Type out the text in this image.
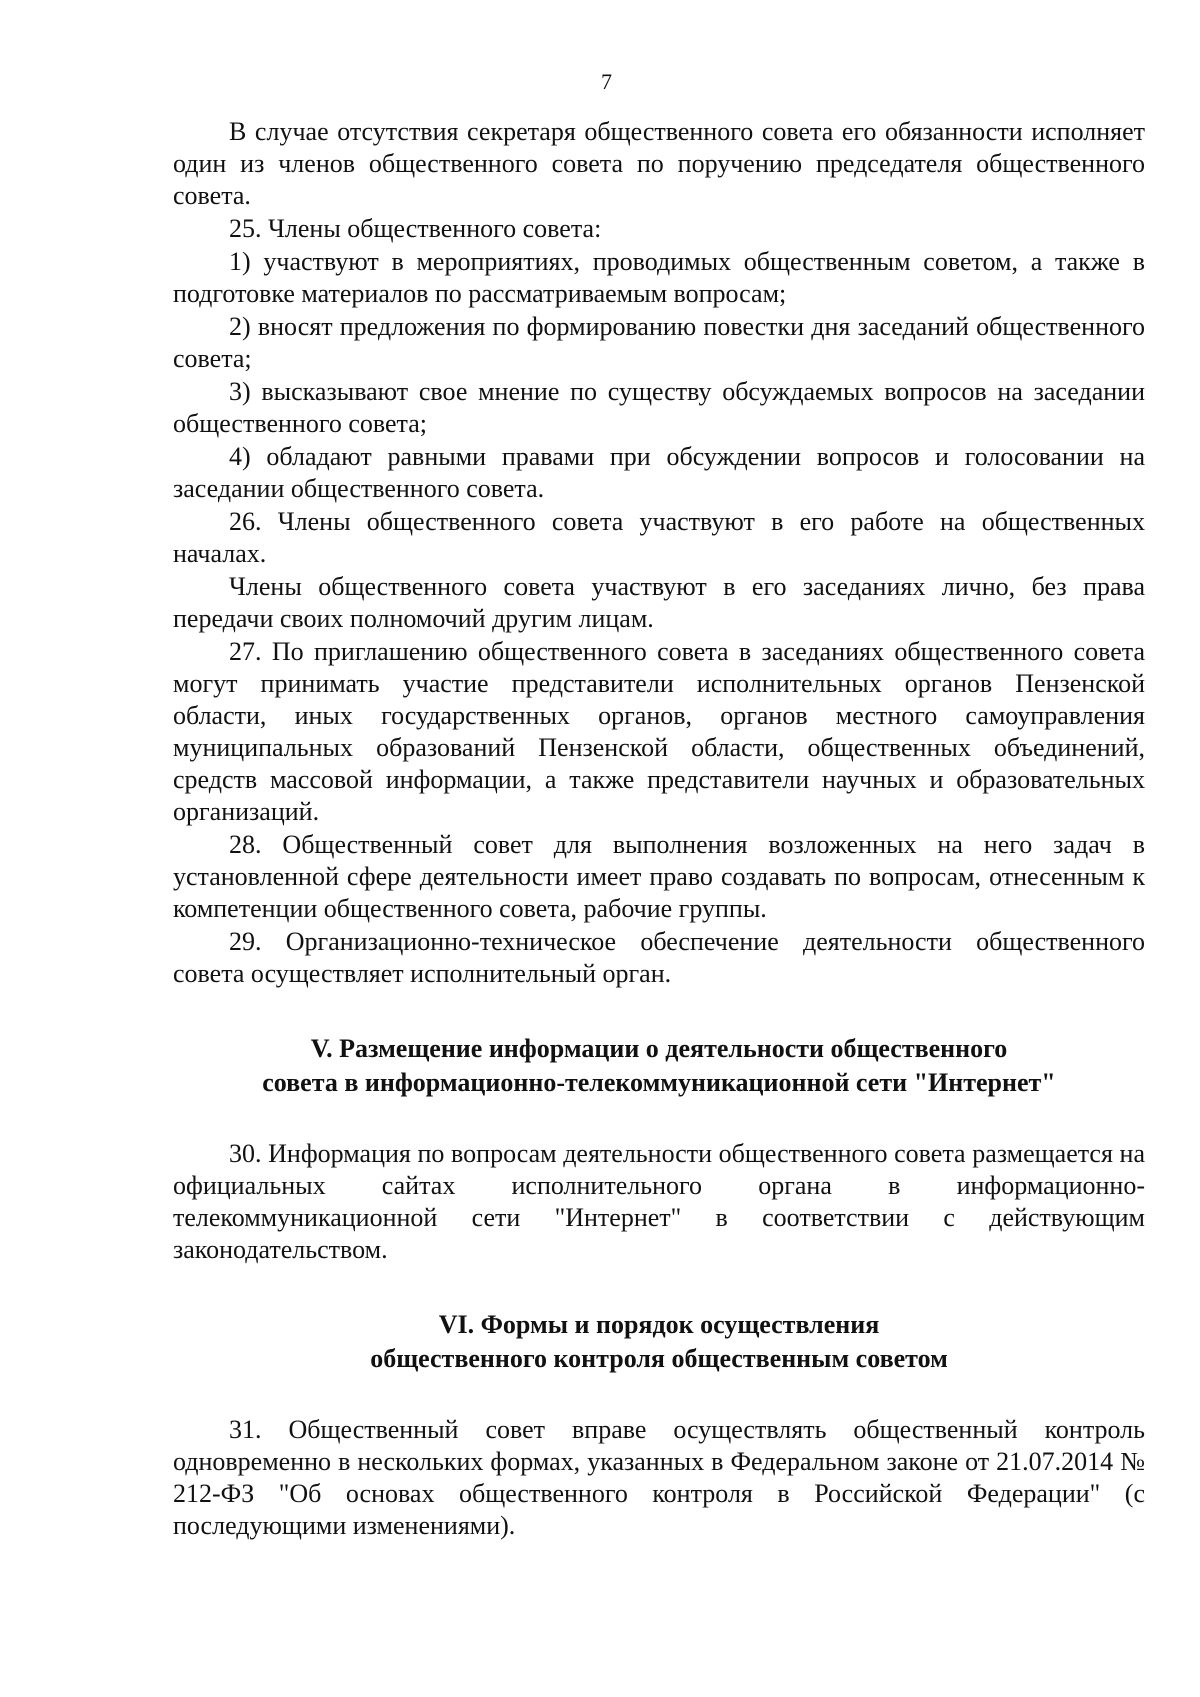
7

В случае отсутствия секретаря общественного совета его обязанности исполняет один из членов общественного совета по поручению председателя общественного совета.

25. Члены общественного совета:

1) участвуют в мероприятиях, проводимых общественным советом, а также в подготовке материалов по рассматриваемым вопросам;

2) вносят предложения по формированию повестки дня заседаний общественного совета;

3) высказывают свое мнение по существу обсуждаемых вопросов на заседании общественного совета;

4) обладают равными правами при обсуждении вопросов и голосовании на заседании общественного совета.

26. Члены общественного совета участвуют в его работе на общественных началах.

Члены общественного совета участвуют в его заседаниях лично, без права передачи своих полномочий другим лицам.

27. По приглашению общественного совета в заседаниях общественного совета могут принимать участие представители исполнительных органов Пензенской области, иных государственных органов, органов местного самоуправления муниципальных образований Пензенской области, общественных объединений, средств массовой информации, а также представители научных и образовательных организаций.

28. Общественный совет для выполнения возложенных на него задач в установленной сфере деятельности имеет право создавать по вопросам, отнесенным к компетенции общественного совета, рабочие группы.

29. Организационно-техническое обеспечение деятельности общественного совета осуществляет исполнительный орган.

V. Размещение информации о деятельности общественного

совета в информационно-телекоммуникационной сети "Интернет"

30. Информация по вопросам деятельности общественного совета размещается на официальных сайтах исполнительного органа в информационно-телекоммуникационной сети "Интернет" в соответствии с действующим законодательством.

VI. Формы и порядок осуществления

общественного контроля общественным советом

31. Общественный совет вправе осуществлять общественный контроль одновременно в нескольких формах, указанных в Федеральном законе от 21.07.2014 № 212-ФЗ "Об основах общественного контроля в Российской Федерации" (с последующими изменениями).
